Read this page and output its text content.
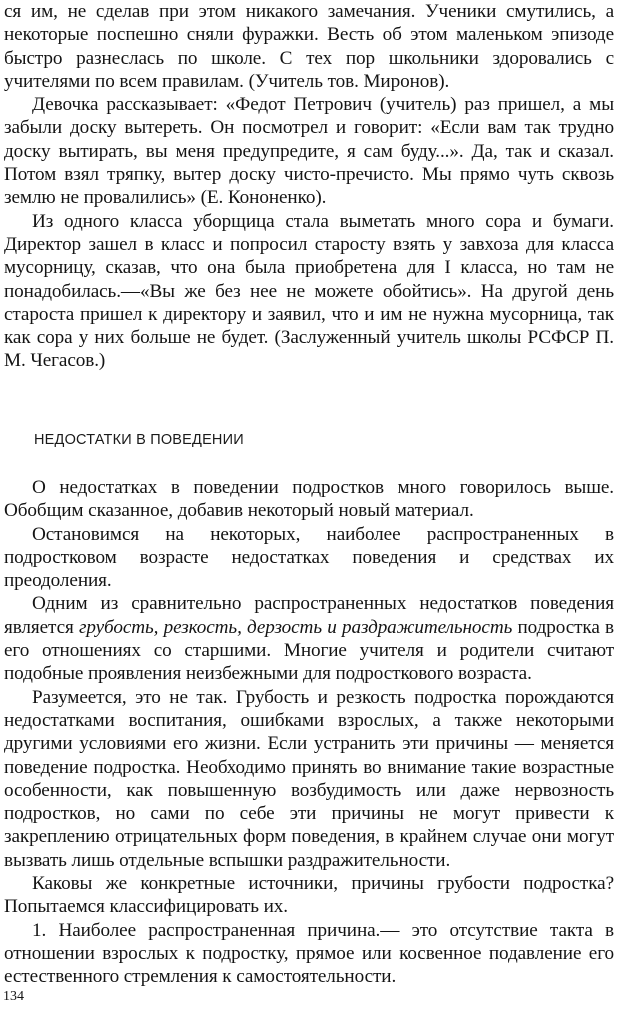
ся им, не сделав при этом никакого замечания. Ученики смутились, а некоторые поспешно сняли фуражки. Весть об этом маленьком эпизоде быстро разнеслась по школе. С тех пор школьники здоровались с учителями по всем правилам. (Учитель тов. Миронов).

Девочка рассказывает: «Федот Петрович (учитель) раз пришел, а мы забыли доску вытереть. Он посмотрел и говорит: «Если вам так трудно доску вытирать, вы меня предупредите, я сам буду...». Да, так и сказал. Потом взял тряпку, вытер доску чисто-пречисто. Мы прямо чуть сквозь землю не провалились» (Е. Кононенко).

Из одного класса уборщица стала выметать много сора и бумаги. Директор зашел в класс и попросил старосту взять у завхоза для класса мусорницу, сказав, что она была приобретена для I класса, но там не понадобилась.—«Вы же без нее не можете обойтись». На другой день староста пришел к директору и заявил, что и им не нужна мусорница, так как сора у них больше не будет. (Заслуженный учитель школы РСФСР П. М. Чегасов.)

НЕДОСТАТКИ В ПОВЕДЕНИИ

О недостатках в поведении подростков много говорилось выше. Обобщим сказанное, добавив некоторый новый материал.

Остановимся на некоторых, наиболее распространенных в подростковом возрасте недостатках поведения и средствах их преодоления.

Одним из сравнительно распространенных недостатков поведения является грубость, резкость, дерзость и раздражительность подростка в его отношениях со старшими. Многие учителя и родители считают подобные проявления неизбежными для подросткового возраста.

Разумеется, это не так. Грубость и резкость подростка порождаются недостатками воспитания, ошибками взрослых, а также некоторыми другими условиями его жизни. Если устранить эти причины — меняется поведение подростка. Необходимо принять во внимание такие возрастные особенности, как повышенную возбудимость или даже нервозность подростков, но сами по себе эти причины не могут привести к закреплению отрицательных форм поведения, в крайнем случае они могут вызвать лишь отдельные вспышки раздражительности.

Каковы же конкретные источники, причины грубости подростка? Попытаемся классифицировать их.

1. Наиболее распространенная причина.— это отсутствие такта в отношении взрослых к подростку, прямое или косвенное подавление его естественного стремления к самостоятельности.

134
